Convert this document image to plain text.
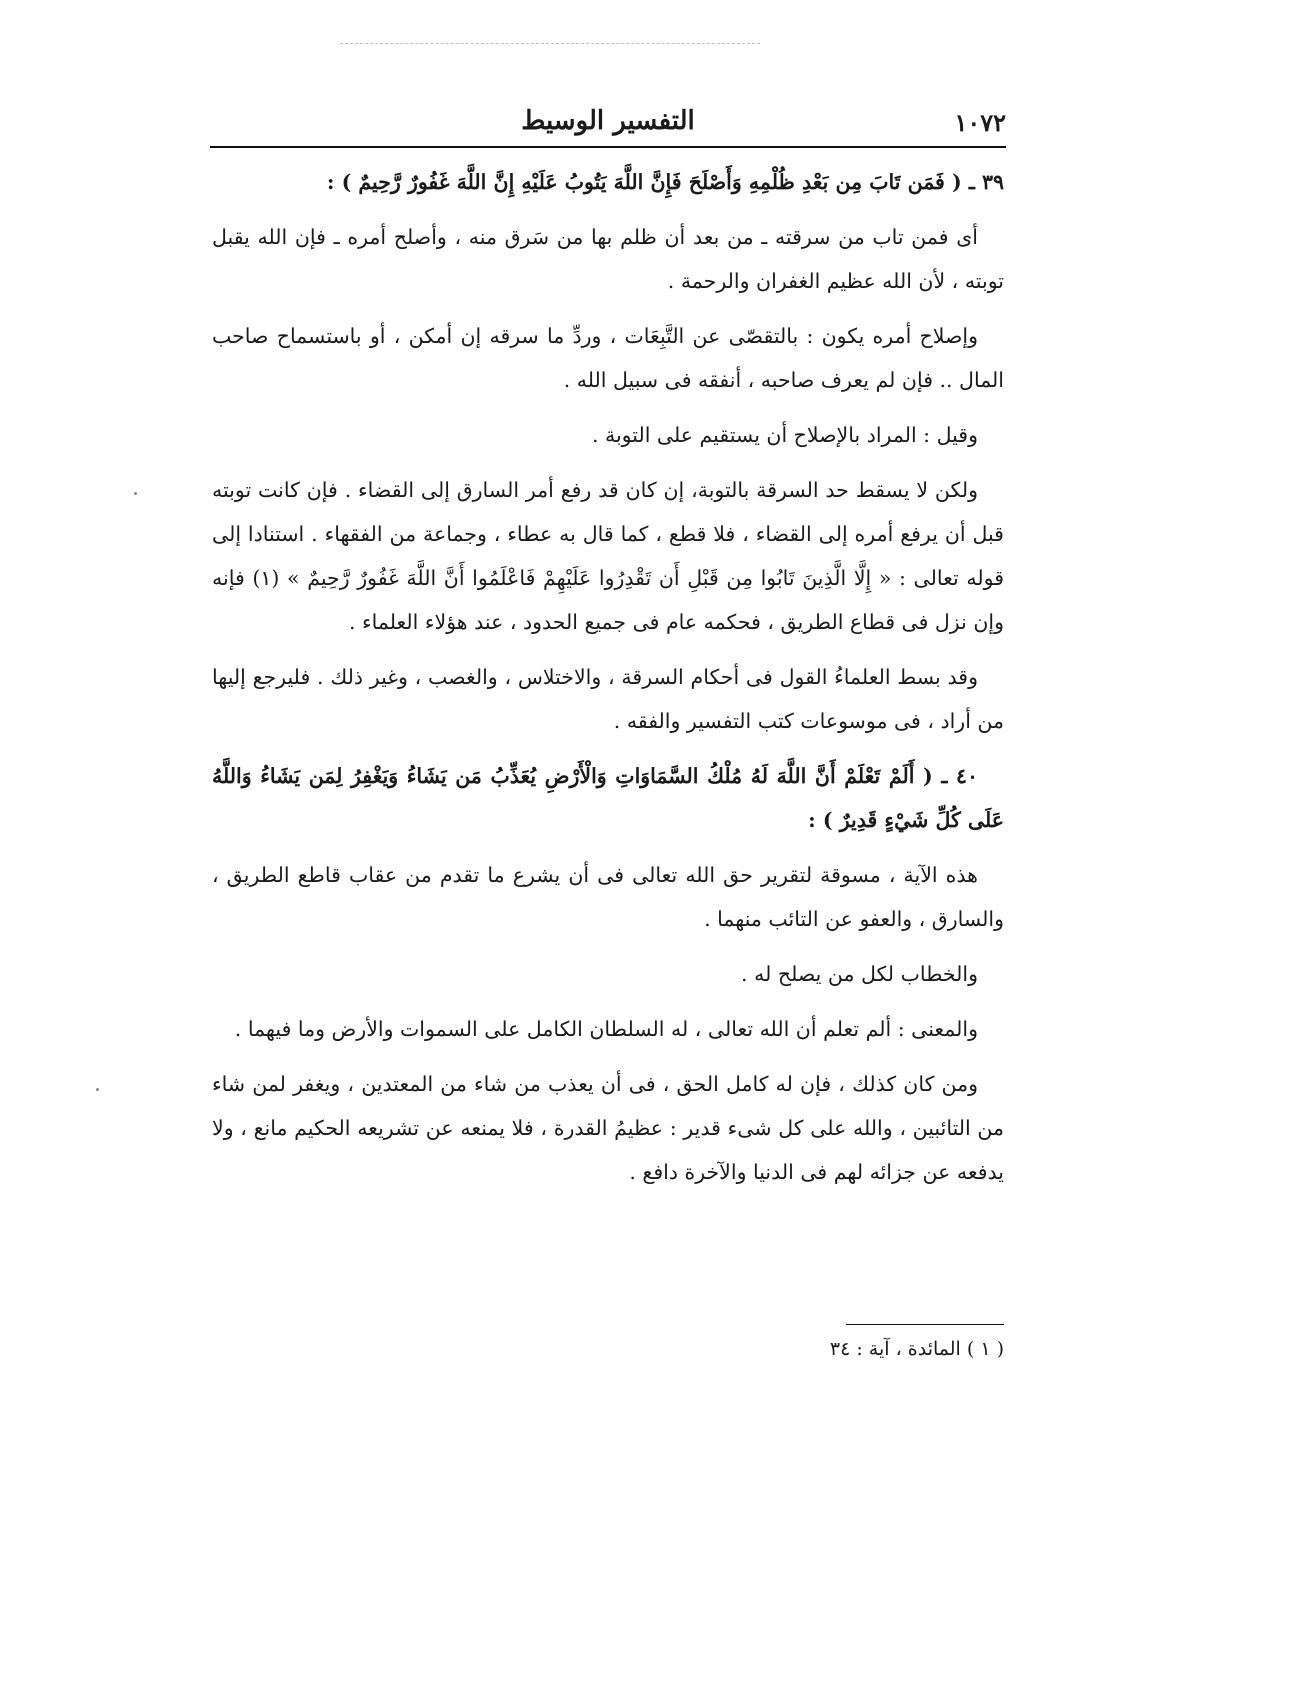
١٠٧٢
التفسير الوسيط

٣٩ ـ ( فَمَن تَابَ مِن بَعْدِ ظُلْمِهِ وَأَصْلَحَ فَإِنَّ اللَّهَ يَتُوبُ عَلَيْهِ إِنَّ اللَّهَ غَفُورٌ رَّحِيمٌ ) :

أى فمن تاب من سرقته ـ من بعد أن ظلم بها من سَرق منه ، وأصلح أمره ـ فإن الله يقبل توبته ، لأن الله عظيم الغفران والرحمة .

وإصلاح أمره يكون : بالتقصّى عن التَّبِعَات ، وردِّ ما سرقه إن أمكن ، أو باستسماح صاحب المال .. فإن لم يعرف صاحبه ، أنفقه فى سبيل الله .

وقيل : المراد بالإصلاح أن يستقيم على التوبة .

ولكن لا يسقط حد السرقة بالتوبة، إن كان قد رفع أمر السارق إلى القضاء . فإن كانت توبته قبل أن يرفع أمره إلى القضاء ، فلا قطع ، كما قال به عطاء ، وجماعة من الفقهاء . استنادا إلى قوله تعالى : « إِلَّا الَّذِينَ تَابُوا مِن قَبْلِ أَن تَقْدِرُوا عَلَيْهِمْ فَاعْلَمُوا أَنَّ اللَّهَ غَفُورٌ رَّحِيمٌ » (١) فإنه وإن نزل فى قطاع الطريق ، فحكمه عام فى جميع الحدود ، عند هؤلاء العلماء .

وقد بسط العلماءُ القول فى أحكام السرقة ، والاختلاس ، والغصب ، وغير ذلك . فليرجع إليها من أراد ، فى موسوعات كتب التفسير والفقه .

٤٠ ـ ( أَلَمْ تَعْلَمْ أَنَّ اللَّهَ لَهُ مُلْكُ السَّمَاوَاتِ وَالْأَرْضِ يُعَذِّبُ مَن يَشَاءُ وَيَغْفِرُ لِمَن يَشَاءُ وَاللَّهُ عَلَى كُلِّ شَيْءٍ قَدِيرٌ ) :

هذه الآية ، مسوقة لتقرير حق الله تعالى فى أن يشرع ما تقدم من عقاب قاطع الطريق ، والسارق ، والعفو عن التائب منهما .

والخطاب لكل من يصلح له .

والمعنى : ألم تعلم أن الله تعالى ، له السلطان الكامل على السموات والأرض وما فيهما .

ومن كان كذلك ، فإن له كامل الحق ، فى أن يعذب من شاء من المعتدين ، ويغفر لمن شاء من التائبين ، والله على كل شىء قدير : عظيمُ القدرة ، فلا يمنعه عن تشريعه الحكيم مانع ، ولا يدفعه عن جزائه لهم فى الدنيا والآخرة دافع .

( ١ ) المائدة ، آية : ٣٤
